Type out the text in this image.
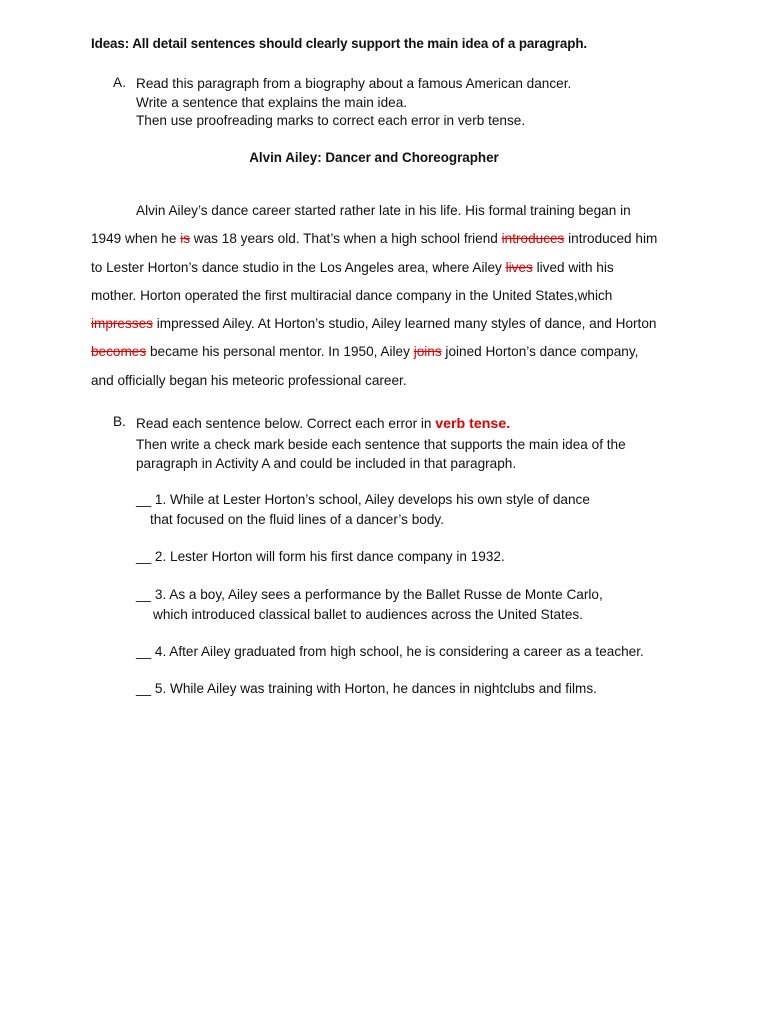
Ideas: All detail sentences should clearly support the main idea of a paragraph.
A. Read this paragraph from a biography about a famous American dancer.
Write a sentence that explains the main idea.
Then use proofreading marks to correct each error in verb tense.
Alvin Ailey: Dancer and Choreographer
Alvin Ailey’s dance career started rather late in his life. His formal training began in 1949 when he is was 18 years old. That’s when a high school friend introduces introduced him to Lester Horton’s dance studio in the Los Angeles area, where Ailey lives lived with his mother. Horton operated the first multiracial dance company in the United States,which impresses impressed Ailey. At Horton’s studio, Ailey learned many styles of dance, and Horton becomes became his personal mentor. In 1950, Ailey joins joined Horton’s dance company, and officially began his meteoric professional career.
B. Read each sentence below. Correct each error in verb tense.
Then write a check mark beside each sentence that supports the main idea of the
paragraph in Activity A and could be included in that paragraph.
__ 1. While at Lester Horton’s school, Ailey develops his own style of dance
that focused on the fluid lines of a dancer’s body.
__ 2. Lester Horton will form his first dance company in 1932.
__ 3. As a boy, Ailey sees a performance by the Ballet Russe de Monte Carlo,
which introduced classical ballet to audiences across the United States.
__ 4. After Ailey graduated from high school, he is considering a career as a teacher.
__ 5. While Ailey was training with Horton, he dances in nightclubs and films.
